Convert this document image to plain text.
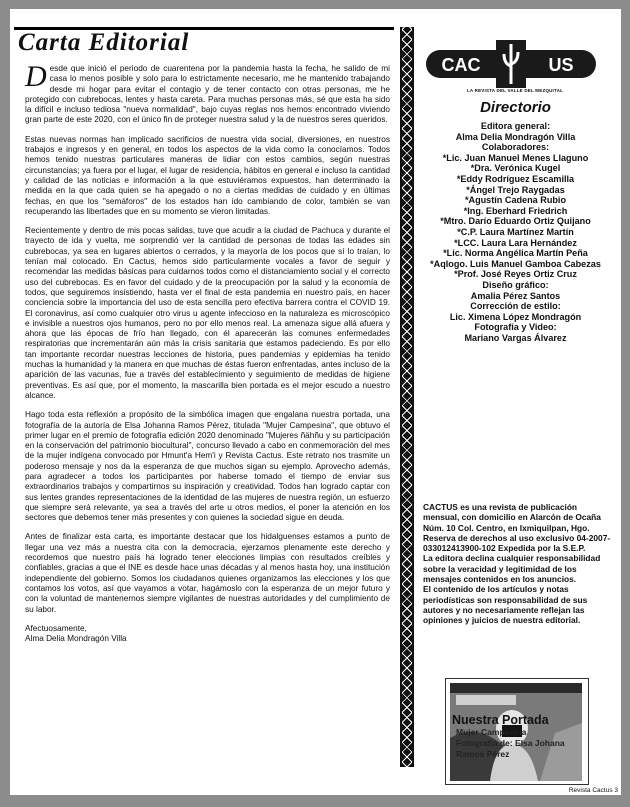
Carta Editorial

Desde que inició el periodo de cuarentena por la pandemia hasta la fecha, he salido de mi casa lo menos posible y solo para lo estrictamente necesario, me he mantenido trabajando desde mi hogar para evitar el contagio y de tener contacto con otras personas, me he protegido con cubrebocas, lentes y hasta careta. Para muchas personas más, sé que esta ha sido la difícil e incluso tediosa "nueva normalidad", bajo cuyas reglas nos hemos encontrado viviendo gran parte de este 2020, con el único fin de proteger nuestra salud y la de nuestros seres queridos.

Estas nuevas normas han implicado sacrificios de nuestra vida social, diversiones, en nuestros trabajos e ingresos y en general, en todos los aspectos de la vida como la conocíamos. Todos hemos tenido nuestras particulares maneras de lidiar con estos cambios, según nuestras circunstancias; ya fuera por el lugar, el lugar de residencia, hábitos en general e incluso la cantidad y calidad de las noticias e información a la que estuviéramos expuestos, han determinado la medida en la que cada quien se ha apegado o no a ciertas medidas de cuidado y en últimas fechas, en que los "semáforos" de los estados han ido cambiando de color, también se van recuperando las libertades que en su momento se vieron limitadas.

Recientemente y dentro de mis pocas salidas, tuve que acudir a la ciudad de Pachuca y durante el trayecto de ida y vuelta, me sorprendió ver la cantidad de personas de todas las edades sin cubrebocas, ya sea en lugares abiertos o cerrados, y la mayoría de los pocos que sí lo traían, lo tenían mal colocado. En Cactus, hemos sido particularmente vocales a favor de seguir y recomendar las medidas básicas para cuidarnos todos como el distanciamiento social y el correcto uso del cubrebocas. Es en favor del cuidado y de la preocupación por la salud y la economía de todos, que seguiremos insistiendo, hasta ver el final de esta pandemia en nuestro país, en hacer conciencia sobre la importancia del uso de esta sencilla pero efectiva barrera contra el COVID 19. El coronavirus, así como cualquier otro virus u agente infeccioso en la naturaleza es microscópico e invisible a nuestros ojos humanos, pero no por ello menos real. La amenaza sigue allá afuera y ahora que las épocas de frío han llegado, con él aparecerán las comunes enfermedades respiratorias que incrementarán aún más la crisis sanitaria que estamos padeciendo. Es por ello tan importante recordar nuestras lecciones de historia, pues pandemias y epidemias ha tenido muchas la humanidad y la manera en que muchas de éstas fueron enfrentadas, antes incluso de la aparición de las vacunas, fue a través del establecimiento y seguimiento de medidas de higiene preventivas. Es así que, por el momento, la mascarilla bien portada es el mejor escudo a nuestro alcance.

Hago toda esta reflexión a propósito de la simbólica imagen que engalana nuestra portada, una fotografía de la autoría de Elsa Johanna Ramos Pérez, titulada "Mujer Campesina", que obtuvo el primer lugar en el premio de fotografía edición 2020 denominado "Mujeres ñähñu y su participación en la conservación del patrimonio biocultural", concurso llevado a cabo en conmemoración del mes de la mujer indígena convocado por Hmunt'a Hem'i y Revista Cactus. Este retrato nos trasmite un poderoso mensaje y nos da la esperanza de que muchos sigan su ejemplo. Aprovecho además, para agradecer a todos los participantes por haberse tomado el tiempo de enviar sus extraordinarios trabajos y compartirnos su inspiración y creatividad. Todos han logrado captar con sus lentes grandes representaciones de la identidad de las mujeres de nuestra región, un esfuerzo que siempre será relevante, ya sea a través del arte u otros medios, el poner la atención en los sectores que debemos tener más presentes y con quienes la sociedad sigue en deuda.

Antes de finalizar esta carta, es importante destacar que los hidalguenses estamos a punto de llegar una vez más a nuestra cita con la democracia, ejerzamos plenamente este derecho y recordemos que nuestro país ha logrado tener elecciones limpias con resultados creíbles y confiables, gracias a que el INE es desde hace unas décadas y al menos hasta hoy, una institución independiente del gobierno. Somos los ciudadanos quienes organizamos las elecciones y los que contamos los votos, así que vayamos a votar, hagámoslo con la esperanza de un mejor futuro y con la voluntad de mantenernos siempre vigilantes de nuestras autoridades y del cumplimiento de su labor.

Afectuosamente,

Alma Delia Mondragón Villa

CAC	US
LA REVISTA DEL VALLE DEL MEZQUITAL
Directorio
Editora general:
Alma Delia Mondragón Villa
Colaboradores:
*Lic. Juan Manuel Menes Llaguno
*Dra. Verónica Kugel
*Eddy Rodríguez Escamilla
*Ángel Trejo Raygadas
*Agustín Cadena Rubio
*Ing. Eberhard Friedrich
*Mtro. Darío Eduardo Ortiz Quijano
*C.P. Laura Martínez Martín
*LCC. Laura Lara Hernández
*Lic. Norma Angélica Martín Peña
*Aqlogo. Luis Manuel Gamboa Cabezas
*Prof. José Reyes Ortiz Cruz
Diseño gráfico:
Amalia Pérez Santos
Corrección de estilo:
Lic. Ximena López Mondragón
Fotografía y Video:
Mariano Vargas Álvarez

CACTUS es una revista de publicación mensual, con domicilio en Alarcón de Ocaña Núm. 10 Col. Centro, en Ixmiquilpan, Hgo.

Reserva de derechos al uso exclusivo 04-2007-033012413900-102 Expedida por la S.E.P.

La editora declina cualquier responsabilidad sobre la veracidad y legitimidad de los mensajes contenidos en los anuncios.

El contenido de los artículos y notas periodísticas son responsabilidad de sus autores y no necesariamente reflejan las opiniones y juicios de nuestra editorial.

Nuestra Portada
Mujer Campesina
Fotografía de: Elsa Johana
Ramos Pérez
Revista Cactus 3
